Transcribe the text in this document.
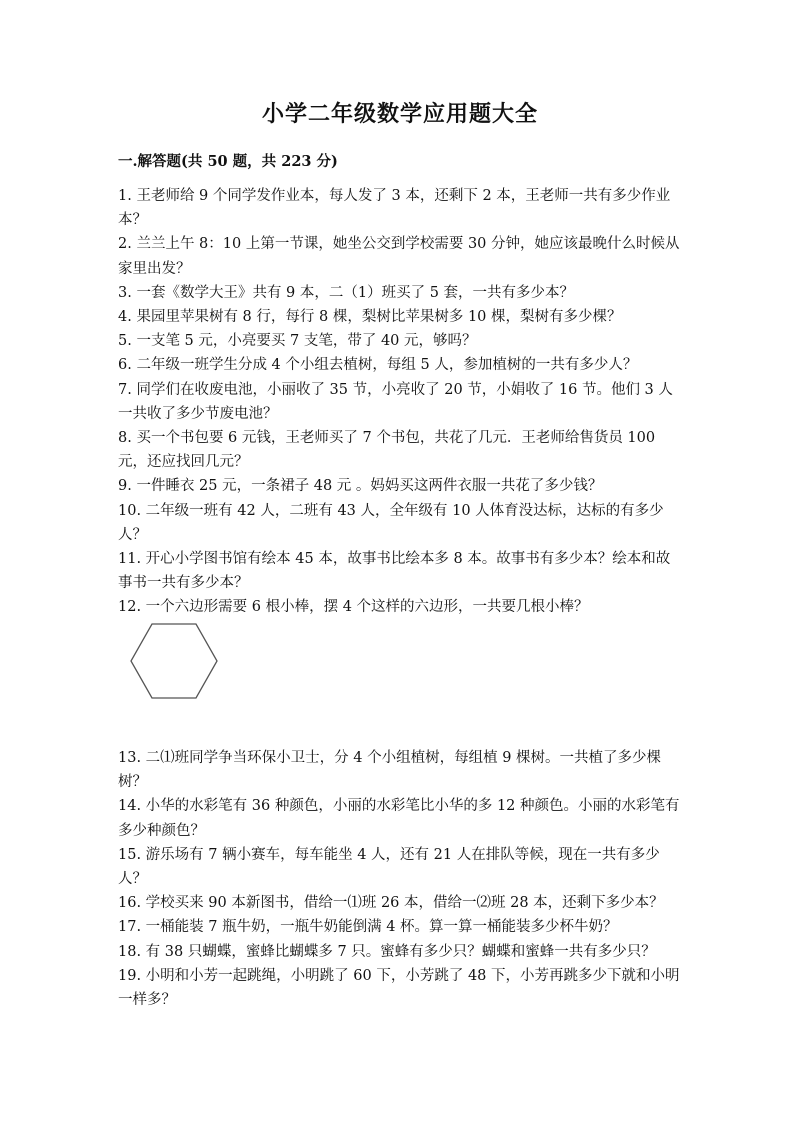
小学二年级数学应用题大全
一.解答题(共 50 题，共 223 分)

1. 王老师给 9 个同学发作业本，每人发了 3 本，还剩下 2 本，王老师一共有多少作业本？

2. 兰兰上午 8：10 上第一节课，她坐公交到学校需要 30 分钟，她应该最晚什么时候从家里出发？

3. 一套《数学大王》共有 9 本，二（1）班买了 5 套，一共有多少本？

4. 果园里苹果树有 8 行，每行 8 棵，梨树比苹果树多 10 棵，梨树有多少棵？

5. 一支笔 5 元，小亮要买 7 支笔，带了 40 元，够吗？

6. 二年级一班学生分成 4 个小组去植树，每组 5 人，参加植树的一共有多少人？

7. 同学们在收废电池，小丽收了 35 节，小亮收了 20 节，小娟收了 16 节。他们 3 人一共收了多少节废电池？

8. 买一个书包要 6 元钱，王老师买了 7 个书包，共花了几元．王老师给售货员 100 元，还应找回几元？

9. 一件睡衣 25 元，一条裙子 48 元 。妈妈买这两件衣服一共花了多少钱？

10. 二年级一班有 42 人，二班有 43 人，全年级有 10 人体育没达标，达标的有多少人？

11. 开心小学图书馆有绘本 45 本，故事书比绘本多 8 本。故事书有多少本？绘本和故事书一共有多少本？

12. 一个六边形需要 6 根小棒，摆 4 个这样的六边形，一共要几根小棒？

13. 二⑴班同学争当环保小卫士，分 4 个小组植树，每组植 9 棵树。一共植了多少棵树？

14. 小华的水彩笔有 36 种颜色，小丽的水彩笔比小华的多 12 种颜色。小丽的水彩笔有多少种颜色？

15. 游乐场有 7 辆小赛车，每车能坐 4 人，还有 21 人在排队等候，现在一共有多少人？

16. 学校买来 90 本新图书，借给一⑴班 26 本，借给一⑵班 28 本，还剩下多少本？

17. 一桶能装 7 瓶牛奶，一瓶牛奶能倒满 4 杯。算一算一桶能装多少杯牛奶？

18. 有 38 只蝴蝶，蜜蜂比蝴蝶多 7 只。蜜蜂有多少只？蝴蝶和蜜蜂一共有多少只？

19. 小明和小芳一起跳绳，小明跳了 60 下，小芳跳了 48 下，小芳再跳多少下就和小明一样多？
